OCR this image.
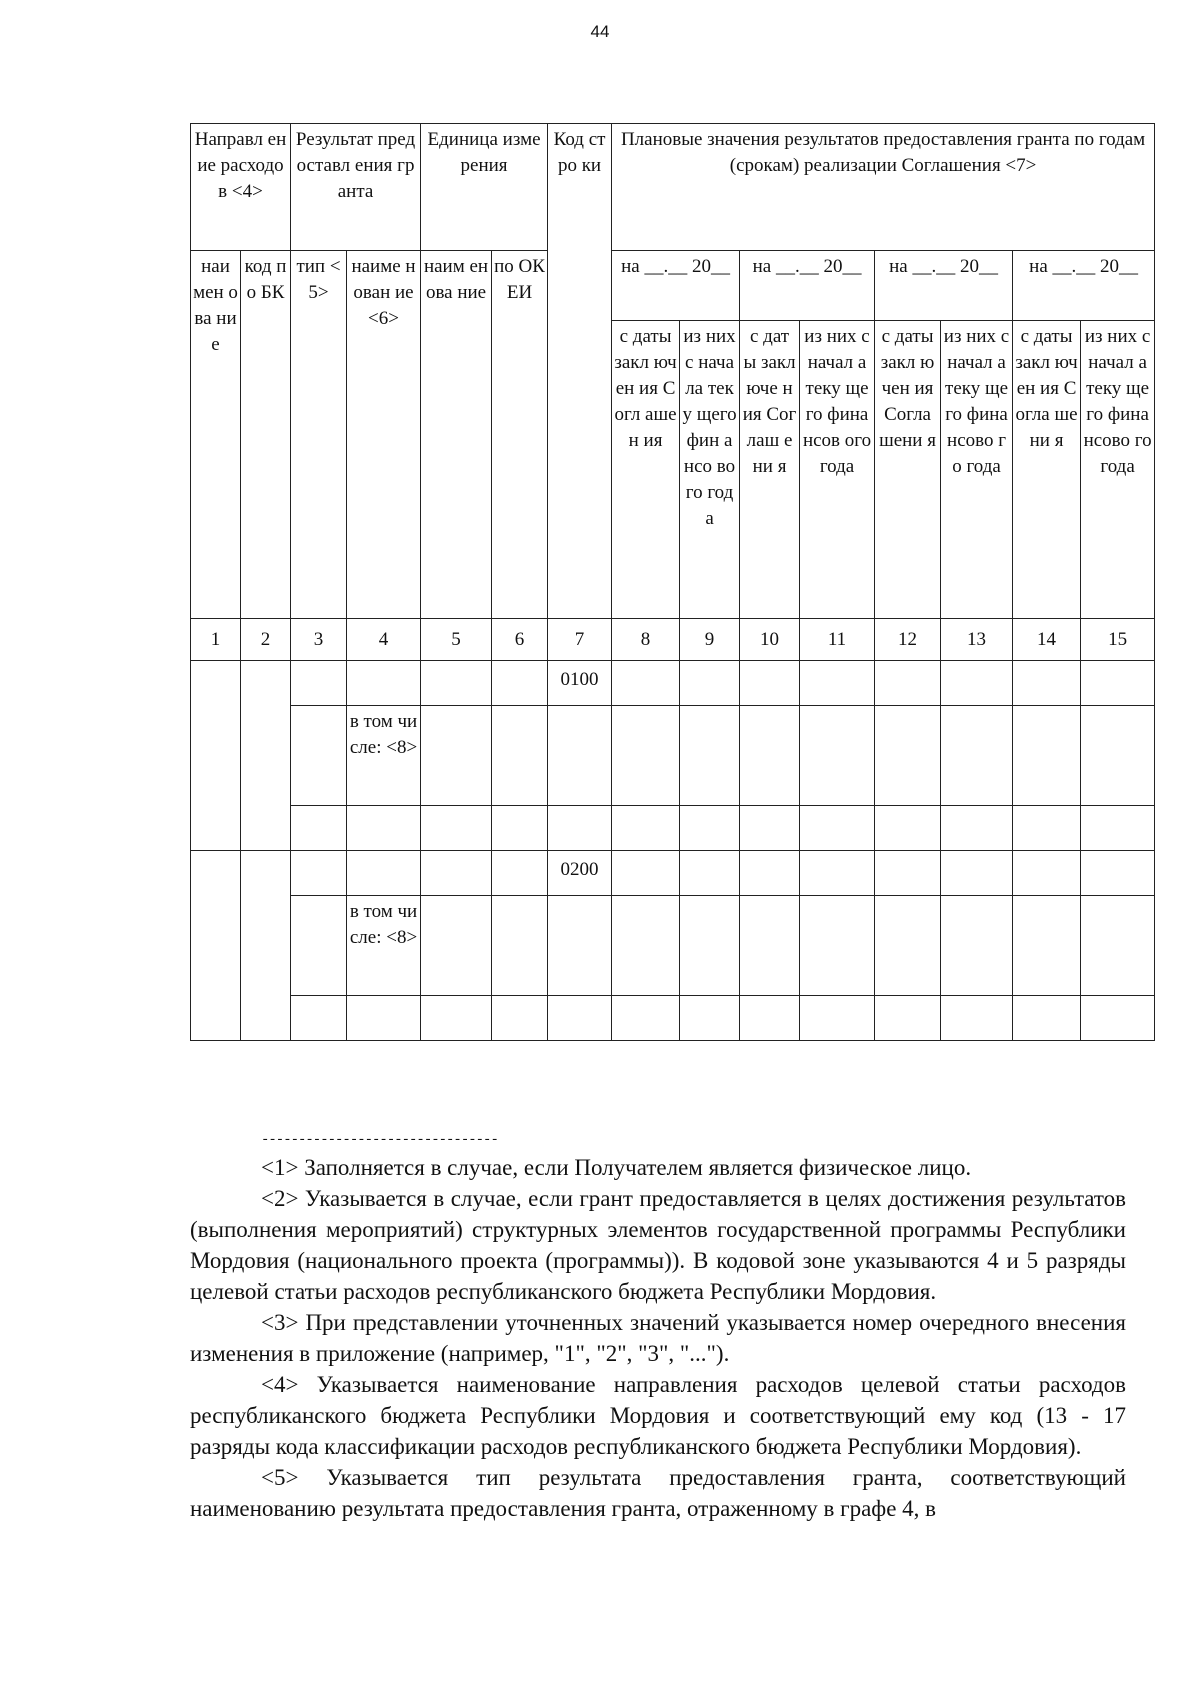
44
Направл ение расходов <4>		Результат предоставл ения гранта		Единица измерения		Код стро ки	Плановые значения результатов предоставления гранта по годам (срокам) реализации Соглашения <7>							
наи мен ова ние	код по БК	тип <5>	наиме нован ие <6>	наим енова ние	по ОК ЕИ		на __.__ 20__		на __.__ 20__		на __.__ 20__		на __.__ 20__	
							с даты закл ючен ия Согл ашен ия	из них с нача ла теку щего фин ансо вого года	с дат ы закл юче ния Сог лаш ени я	из них с начал а теку щего фина нсов ого года	с даты закл ючен ия Согла шени я	из них с начал а теку щего фина нсово го года	с даты закл ючен ия Согла шени я	из них с начал а теку щего фина нсово го года
1	2	3	4	5	6	7	8	9	10	11	12	13	14	15
						0100								
			в том числе: <8>											

						0200								
			в том числе: <8>											

--------------------------------

<1> Заполняется в случае, если Получателем является физическое лицо.

<2> Указывается в случае, если грант предоставляется в целях достижения результатов (выполнения мероприятий) структурных элементов государственной программы Республики Мордовия (национального проекта (программы)). В кодовой зоне указываются 4 и 5 разряды целевой статьи расходов республиканского бюджета Республики Мордовия.

<3> При представлении уточненных значений указывается номер очередного внесения изменения в приложение (например, "1", "2", "3", "...").

<4> Указывается наименование направления расходов целевой статьи расходов республиканского бюджета Республики Мордовия и соответствующий ему код (13 - 17 разряды кода классификации расходов республиканского бюджета Республики Мордовия).

<5> Указывается тип результата предоставления гранта, соответствующий наименованию результата предоставления гранта, отраженному в графе 4, в
